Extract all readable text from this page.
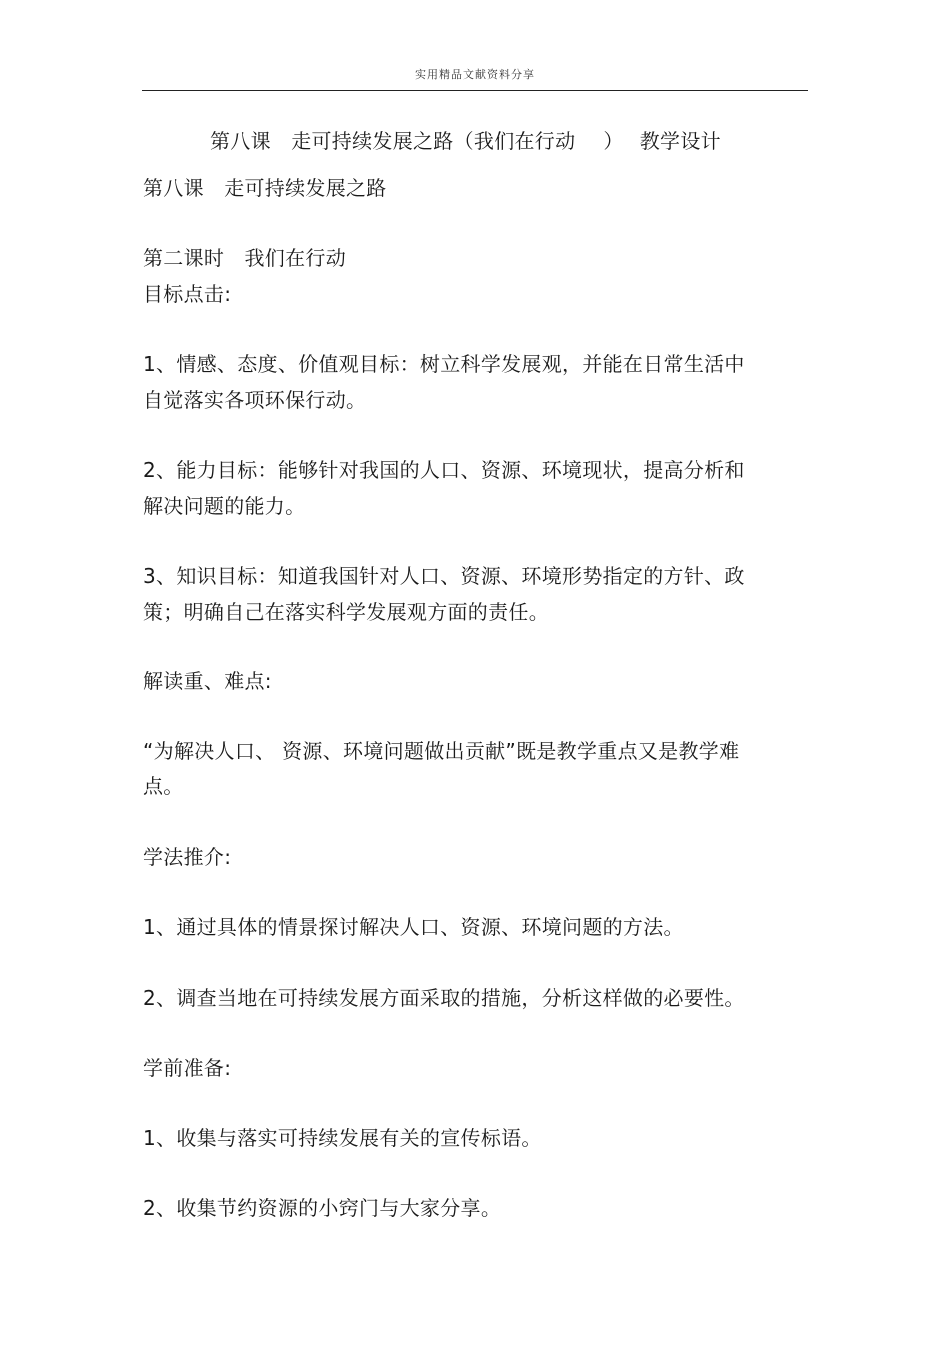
实用精品文献资料分享
第八课　走可持续发展之路（我们在行动 ） 教学设计
第八课　走可持续发展之路
第二课时　我们在行动
目标点击:
1、情感、态度、价值观目标：树立科学发展观，并能在日常生活中
自觉落实各项环保行动。
2、能力目标：能够针对我国的人口、资源、环境现状，提高分析和
解决问题的能力。
3、知识目标：知道我国针对人口、资源、环境形势指定的方针、政
策；明确自己在落实科学发展观方面的责任。
解读重、难点:
“为解决人口、 资源、环境问题做出贡献”既是教学重点又是教学难
点。
学法推介:
1、通过具体的情景探讨解决人口、资源、环境问题的方法。
2、调查当地在可持续发展方面采取的措施，分析这样做的必要性。
学前准备:
1、收集与落实可持续发展有关的宣传标语。
2、收集节约资源的小窍门与大家分享。
